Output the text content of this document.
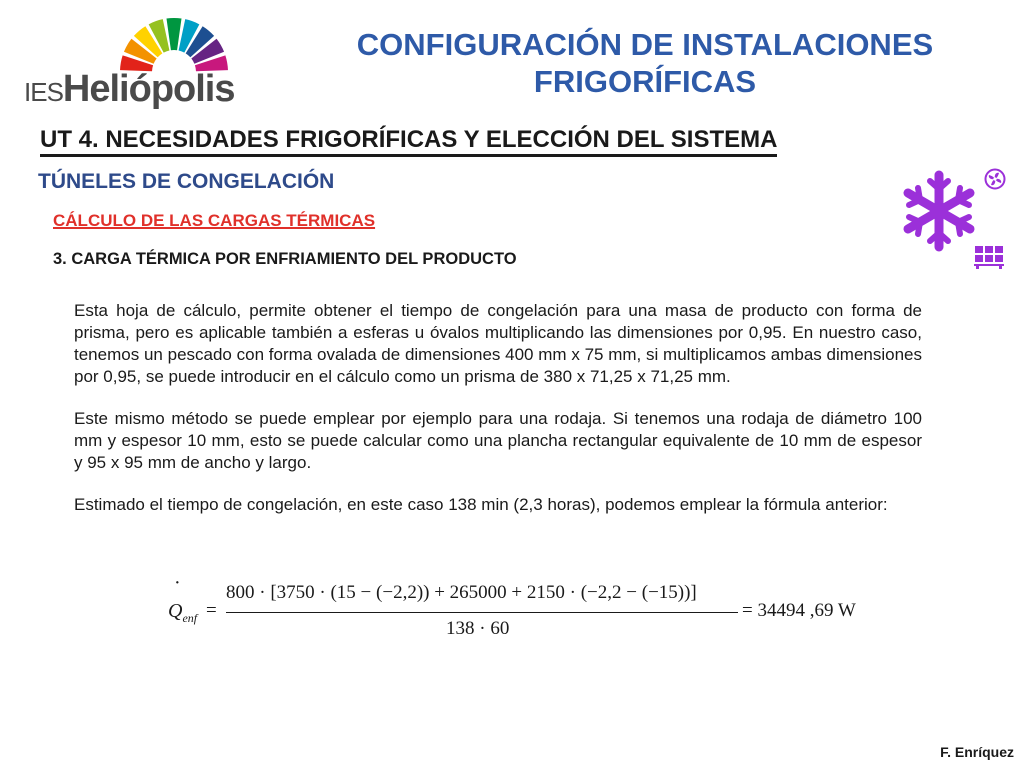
IESHeliópolis
CONFIGURACIÓN DE INSTALACIONES
FRIGORÍFICAS
UT 4. NECESIDADES FRIGORÍFICAS Y ELECCIÓN DEL SISTEMA
TÚNELES DE CONGELACIÓN
CÁLCULO DE LAS CARGAS TÉRMICAS
3. CARGA TÉRMICA POR ENFRIAMIENTO DEL PRODUCTO

Esta hoja de cálculo, permite obtener el tiempo de congelación para una masa de producto con forma de prisma, pero es aplicable también a esferas u óvalos multiplicando las dimensiones por 0,95. En nuestro caso, tenemos un pescado con forma ovalada de dimensiones 400 mm x 75 mm, si multiplicamos ambas dimensiones por 0,95, se puede introducir en el cálculo como un prisma de 380 x 71,25 x 71,25 mm.

Este mismo método se puede emplear por ejemplo para una rodaja. Si tenemos una rodaja de diámetro 100 mm y espesor 10 mm, esto se puede calcular como una plancha rectangular equivalente de 10 mm de espesor y 95 x 95 mm de ancho y largo.

Estimado el tiempo de congelación, en este caso 138 min (2,3 horas), podemos emplear la fórmula anterior:

·
$Q_{enf}$ =
800 · [3750 · (15 − (−2,2)) + 265000 + 2150 · (−2,2 − (−15))]
138 · 60
= 34494 ,69 W
F. Enríquez
